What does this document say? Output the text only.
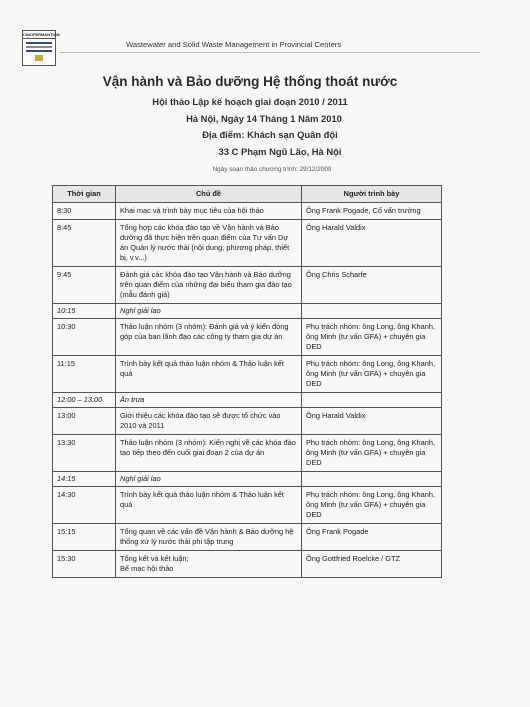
CINOFERMANTION
Wastewater and Solid Waste Management in Provincial Centers
Vận hành và Bảo dưỡng Hệ thống thoát nước
Hội thảo Lập kế hoạch giai đoạn 2010 / 2011
Hà Nội, Ngày 14 Tháng 1 Năm 2010
Địa điểm: Khách sạn Quân đội
33 C Phạm Ngũ Lão, Hà Nội
Ngày soạn thảo chương trình: 29/12/2009
Thời gian	Chủ đề	Người trình bày
8:30	Khai mạc và trình bày mục tiêu của hội thảo	Ông Frank Pogade, Cố vấn trưởng
8:45	Tổng hợp các khóa đào tạo về Vận hành và Bảo dưỡng đã thực hiện trên quan điểm của Tư vấn Dự án Quản lý nước thải (nội dung, phương pháp, thiết bị, v.v...)	Ông Harald Valdix
9:45	Đánh giá các khóa đào tạo Vận hành và Bảo dưỡng trên quan điểm của những đại biểu tham gia đào tạo (mẫu đánh giá)	Ông Chris Scharfe
10:15	Nghỉ giải lao	
10:30	Thảo luận nhóm (3 nhóm): Đánh giá và ý kiến đóng góp của ban lãnh đạo các công ty tham gia dự án	Phụ trách nhóm: ông Long, ông Khanh, ông Minh (tư vấn GFA) + chuyên gia DED
11:15	Trình bày kết quả thảo luận nhóm & Thảo luận kết quả	Phụ trách nhóm: ông Long, ông Khanh, ông Minh (tư vấn GFA) + chuyên gia DED
12:00 – 13:00	Ăn trưa	
13:00	Giới thiệu các khóa đào tạo sẽ được tổ chức vào 2010 và 2011	Ông Harald Valdix
13:30	Thảo luận nhóm (3 nhóm): Kiến nghị về các khóa đào tạo tiếp theo đến cuối giai đoạn 2 của dự án	Phụ trách nhóm: ông Long, ông Khanh, ông Minh (tư vấn GFA) + chuyên gia DED
14:15	Nghỉ giải lao	
14:30	Trình bày kết quả thảo luận nhóm & Thảo luận kết quả	Phụ trách nhóm: ông Long, ông Khanh, ông Minh (tư vấn GFA) + chuyên gia DED
15:15	Tổng quan về các vấn đề Vận hành & Bảo dưỡng hệ thống xử lý nước thải phi tập trung	Ông Frank Pogade
15:30	Tổng kết và kết luận;
Bế mạc hội thảo	Ông Gottfried Roelcke / GTZ
